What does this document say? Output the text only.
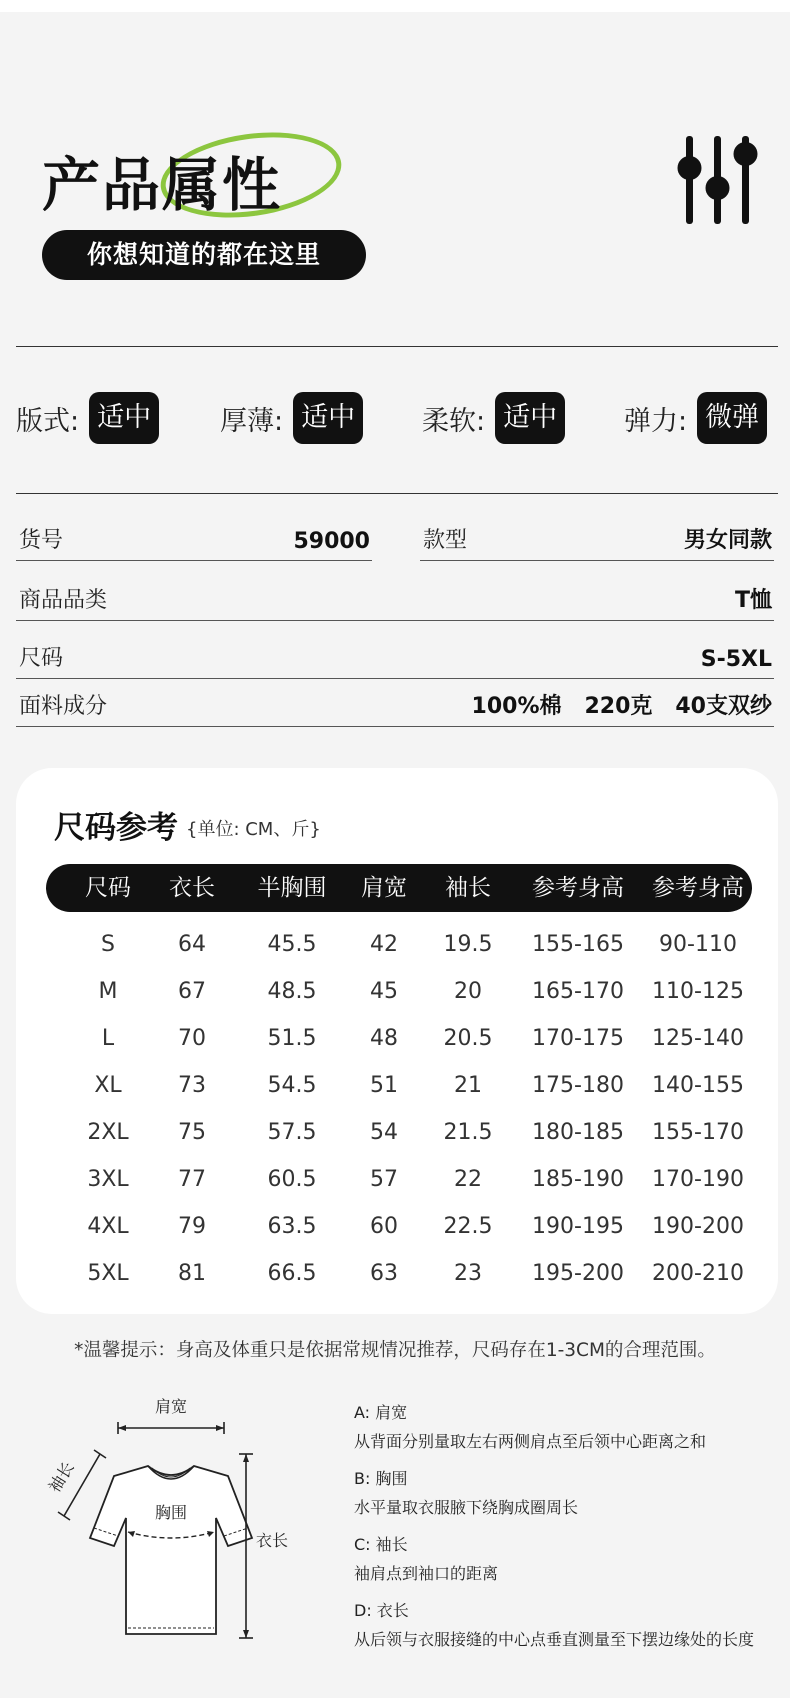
产品属性
你想知道的都在这里
版式: 适中	厚薄: 适中 柔软: 适中 弹力: 微弹
货号	59000 款型	男女同款
商品品类	T恤
尺码	S-5XL
面料成分	100%棉   220克   40支双纱
尺码参考 {单位: CM、斤}
尺码 衣长 半胸围 肩宽 袖长 参考身高 参考身高
S	64	45.5 42 19.5 155-165 90-110
M	67	48.5 45	20 165-170 110-125
L	70	51.5 48 20.5 170-175 125-140
XL	73	54.5 51	21 175-180 140-155
2XL 75	57.5 54 21.5 180-185 155-170
3XL 77	60.5 57	22 185-190 170-190
4XL 79	63.5 60 22.5 190-195 190-200
5XL 81	66.5 63	23 195-200 200-210
*温馨提示：身高及体重只是依据常规情况推荐，尺码存在1-3CM的合理范围。
肩宽
胸围
袖长
衣长
A: 肩宽
从背面分别量取左右两侧肩点至后领中心距离之和
B: 胸围
水平量取衣服腋下绕胸成圈周长
C: 袖长
袖肩点到袖口的距离
D: 衣长
从后领与衣服接缝的中心点垂直测量至下摆边缘处的长度
